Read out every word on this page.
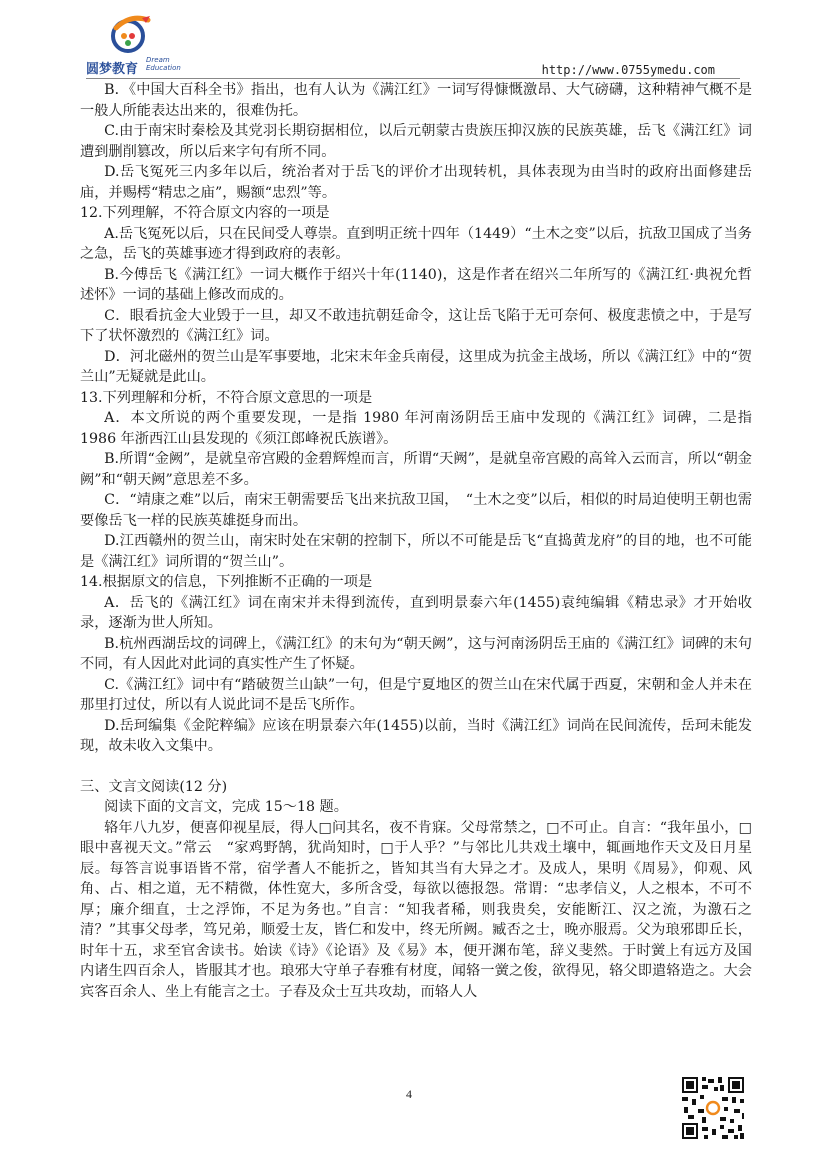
圆梦教育
Dream
Education	http://www.0755ymedu.com

B．《中国大百科全书》指出，也有人认为《满江红》一词写得慷慨激昂、大气磅礴，这种精神气概不是一般人所能表达出来的，很难伪托。

C.由于南宋时秦桧及其党羽长期窃据相位，以后元朝蒙古贵族压抑汉族的民族英雄，岳飞《满江红》词遭到删削篡改，所以后来字句有所不同。

D.岳飞冤死三内多年以后，统治者对于岳飞的评价才出现转机，具体表现为由当时的政府出面修建岳庙，并赐樗“精忠之庙”，赐额“忠烈”等。

12.下列理解，不符合原文内容的一项是

A.岳飞冤死以后，只在民间受人尊崇。直到明正统十四年（1449）“土木之变”以后，抗敌卫国成了当务之急，岳飞的英雄事迹才得到政府的表彰。

B.今傅岳飞《满江红》一词大概作于绍兴十年(1140)，这是作者在绍兴二年所写的《满江红·典祝允哲述怀》一词的基础上修改而成的。

C．眼看抗金大业毁于一旦，却又不敢违抗朝廷命令，这让岳飞陷于无可奈何、极度悲愤之中，于是写下了状怀激烈的《满江红》词。

D．河北磁州的贺兰山是军事要地，北宋末年金兵南侵，这里成为抗金主战场，所以《满江红》中的“贺兰山”无疑就是此山。

13.下列理解和分析，不符合原文意思的一项是

A．本文所说的两个重要发现，一是指 1980 年河南汤阴岳王庙中发现的《满江红》词碑，二是指 1986 年浙西江山县发现的《须江郎峰祝氏族谱》。

B.所谓“金阙”，是就皇帝宫殿的金碧辉煌而言，所谓“天阙”，是就皇帝宫殿的高耸入云而言，所以“朝金阙”和“朝天阙”意思差不多。

C．“靖康之难”以后，南宋王朝需要岳飞出来抗敌卫国，　“土木之变”以后，相似的时局迫使明王朝也需要像岳飞一样的民族英雄挺身而出。

D.江西赣州的贺兰山，南宋时处在宋朝的控制下，所以不可能是岳飞“直捣黄龙府”的目的地，也不可能是《满江红》词所谓的“贺兰山”。

14.根据原文的信息，下列推断不正确的一项是

A．岳飞的《满江红》词在南宋并未得到流传，直到明景泰六年(1455)袁纯编辑《精忠录》才开始收录，逐渐为世人所知。

B.杭州西湖岳坟的词碑上，《满江红》的末句为“朝天阙”，这与河南汤阴岳王庙的《满江红》词碑的末句不同，有人因此对此词的真实性产生了怀疑。

C.《满江红》词中有“踏破贺兰山缺”一句，但是宁夏地区的贺兰山在宋代属于西夏，宋朝和金人并未在那里打过仗，所以有人说此词不是岳飞所作。

D.岳珂编集《金陀粹编》应该在明景泰六年(1455)以前，当时《满江红》词尚在民间流传，岳珂未能发现，故未收入文集中。

三、文言文阅读(12 分)

阅读下面的文言文，完成 15～18 题。

辂年八九岁，便喜仰视星辰，得人□问其名，夜不肯寐。父母常禁之，□不可止。自言：“我年虽小，□眼中喜视天文。”常云　“家鸡野鹄，犹尚知时，□于人乎？”与邻比儿共戏土壤中，辄画地作天文及日月星辰。每答言说事语皆不常，宿学耆人不能折之，皆知其当有大异之才。及成人，果明《周易》，仰观、风角、占、相之道，无不精微，体性宽大，多所含受，每欲以德报怨。常谓：“忠孝信义，人之根本，不可不厚；廉介细直，士之浮饰，不足为务也。”自言：“知我者稀，则我贵矣，安能断江、汉之流，为激石之清？”其事父母孝，笃兄弟，顺爱士友，皆仁和发中，终无所阙。臧否之士，晚亦服焉。父为琅邪即丘长，时年十五，求至官舍读书。始读《诗》《论语》及《易》本，便开渊布笔，辞义斐然。于时黉上有远方及国内诸生四百余人，皆服其才也。琅邪大守单子春雅有材度，闻辂一黉之俊，欲得见，辂父即遣辂造之。大会宾客百余人、坐上有能言之士。子春及众士互共攻劫，而辂人人

4
